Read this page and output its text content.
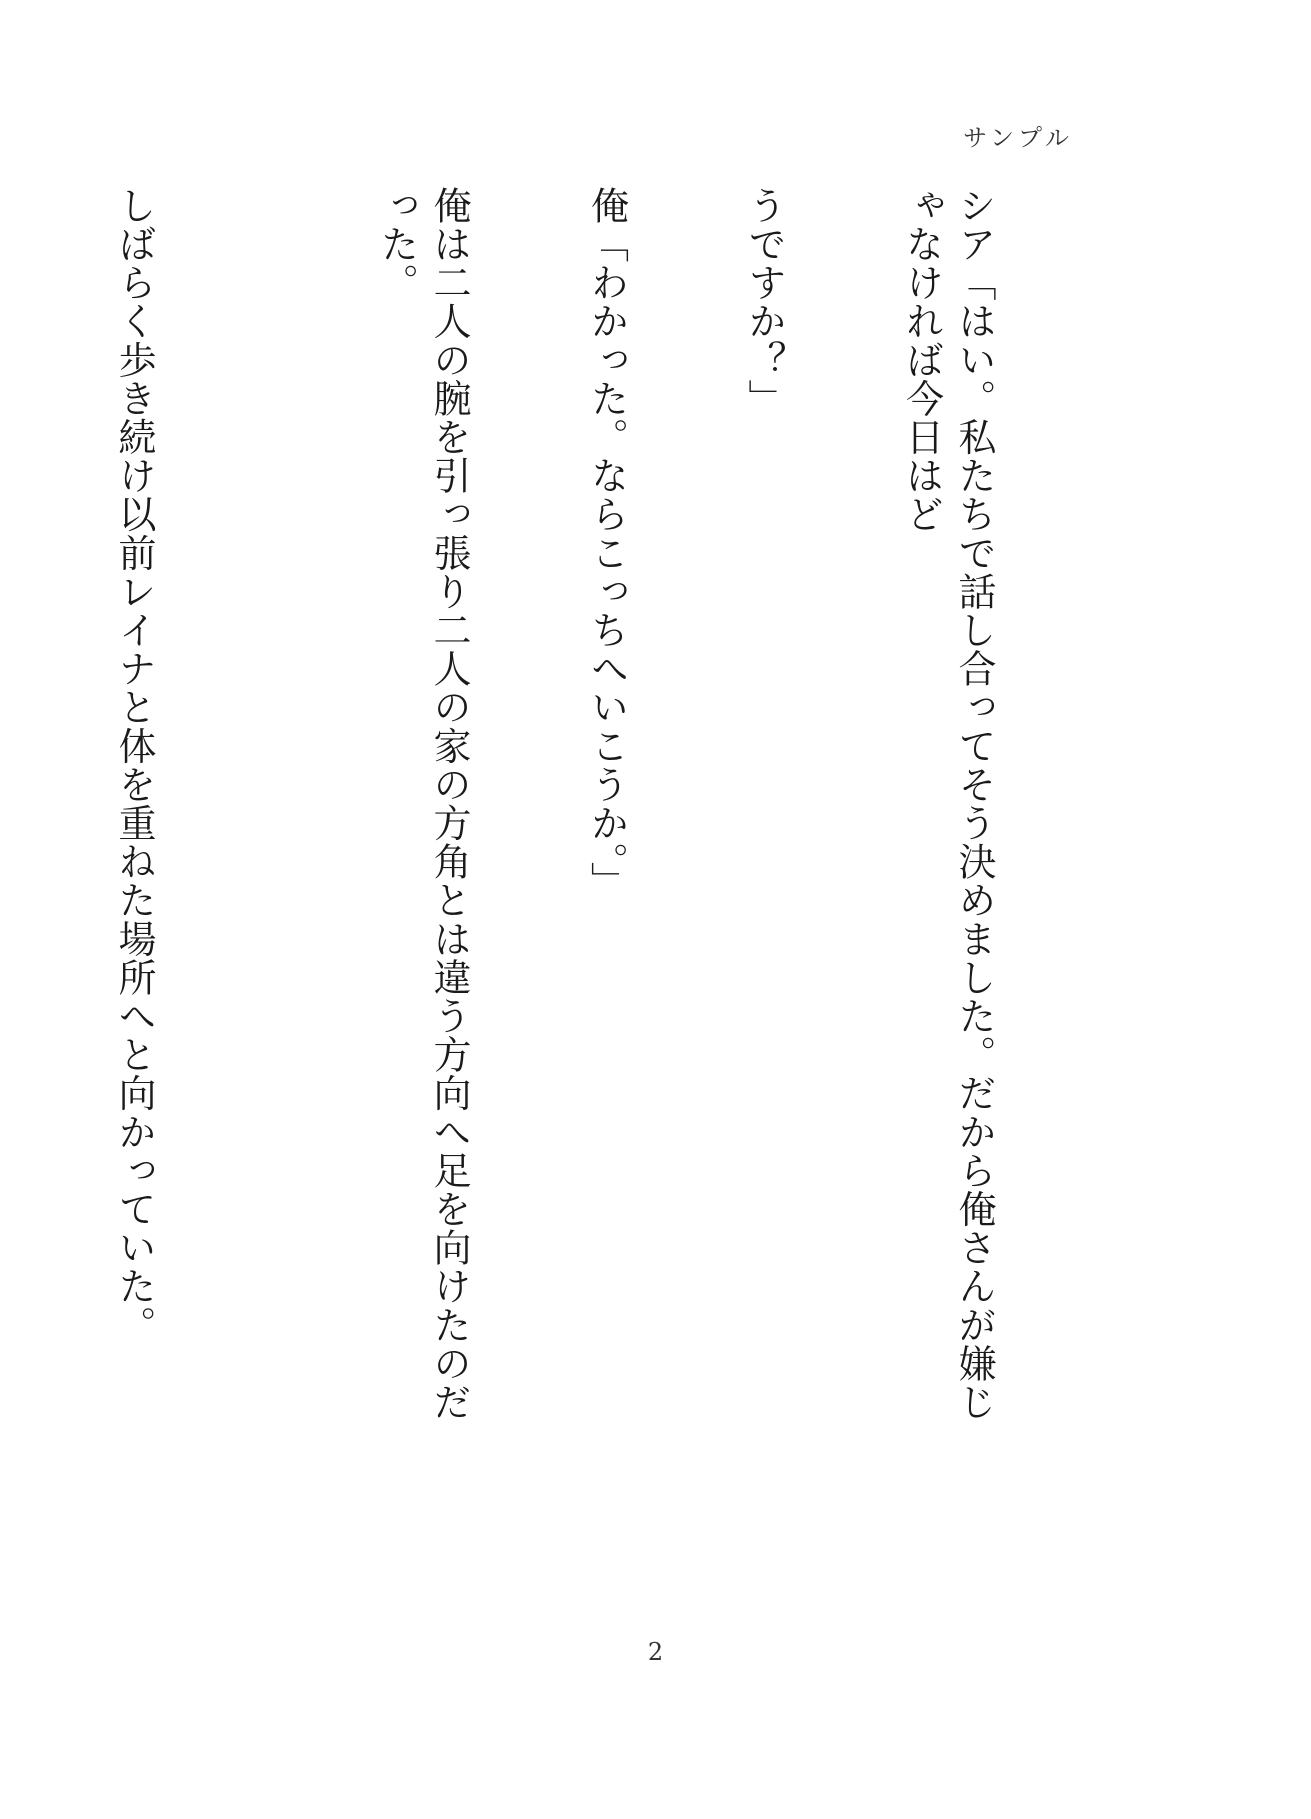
サンプル

シア「はい。私たちで話し合ってそう決めました。だから俺さんが嫌じゃなければ今日はど

うですか？」

俺「わかった。ならこっちへいこうか。」

俺は二人の腕を引っ張り二人の家の方角とは違う方向へ足を向けたのだった。

しばらく歩き続け以前レイナと体を重ねた場所へと向かっていた。

2
